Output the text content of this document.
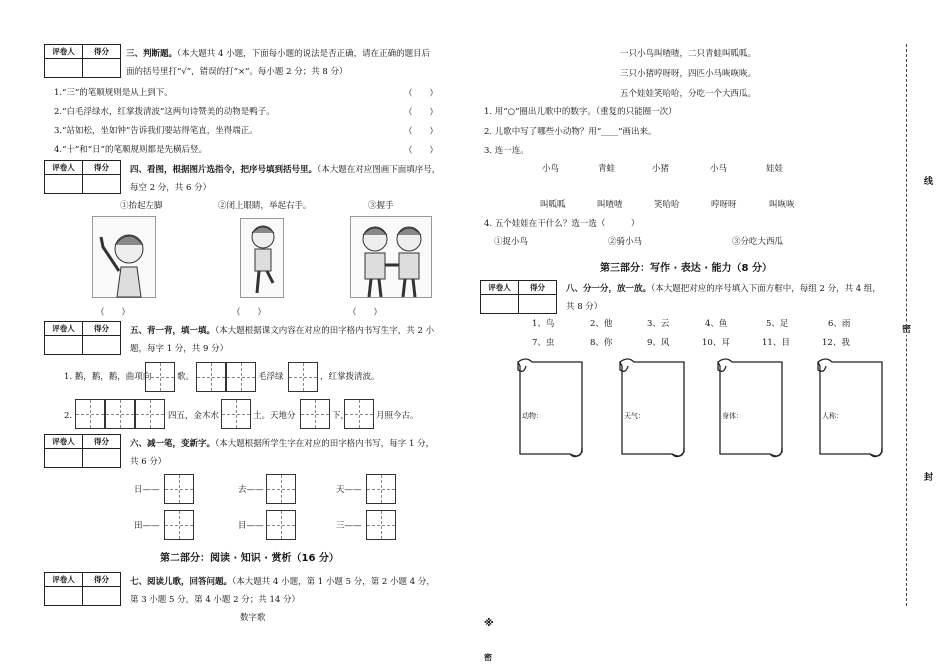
评卷人	得分
	三、判断题。（本大题共 4 小题，下面每小题的说法是否正确，请在正确的题目后
面的括号里打“√”，错误的打“×”。每小题 2 分；共 8 分）
1.“三”的笔顺规则是从上到下。	（　　）
2.“白毛浮绿水，红掌拨清波”这两句诗赞美的动物是鸭子。	（　　）
3.“站如松，坐如钟”告诉我们要站得笔直，坐得端正。	（　　）
4.“十”和“日”的笔顺规则都是先横后竖。	（　　）
评卷人	得分
	四、看图，根据图片选指令，把序号填到括号里。（本大题在对应图画下面填序号，
每空 2 分，共 6 分）
①抬起左脚	②闭上眼睛，举起右手。	③握手
（　　）	（　　）	（　　）
评卷人	得分
	五、背一背，填一填。（本大题根据课文内容在对应的田字格内书写生字，共 2 小
题，每字 1 分，共 9 分）
1. 鹅，鹅，鹅，曲项向	歌。	毛浮绿	，红掌拨清波。
2.	四五，金木水	土。天地分	下，	月照今古。
评卷人	得分
	六、减一笔，变新字。（本大题根据所学生字在对应的田字格内书写，每字 1 分，
共 6 分）
日——	去——	天——
田——	目——	三——
第二部分：阅读 · 知识 · 赏析（16 分）
评卷人	得分
	七、阅读儿歌，回答问题。（本大题共 4 小题，第 1 小题 5 分，第 2 小题 4 分，
第 3 小题 5 分，第 4 小题 2 分；共 14 分）
数字歌
一只小鸟叫喳喳，二只青蛙叫呱呱。
三只小猪哼呀呀，四匹小马咴咴咴。
五个娃娃笑哈哈，分吃一个大西瓜。
1. 用“○”圈出儿歌中的数字。（重复的只能圈一次）
2. 儿歌中写了哪些小动物？用“____”画出来。
3. 连一连。
小鸟	青蛙	小猪	小马	娃娃
叫呱呱	叫喳喳	笑哈哈	哼呀呀	叫咴咴
4. 五个娃娃在干什么？选一选（　　　）
①捉小鸟	②骑小马	③分吃大西瓜
第三部分：写作 · 表达 · 能力（8 分）
评卷人	得分
	八、分一分，放一放。（本大题把对应的序号填入下面方框中，每组 2 分，共 4 组，
共 8 分）
1、鸟	2、他	3、云	4、鱼	5、足	6、雨
7、虫	8、你	9、风	10、耳	11、目	12、我
动物：	天气：	身体：	人称：
线
密
封
※
密
